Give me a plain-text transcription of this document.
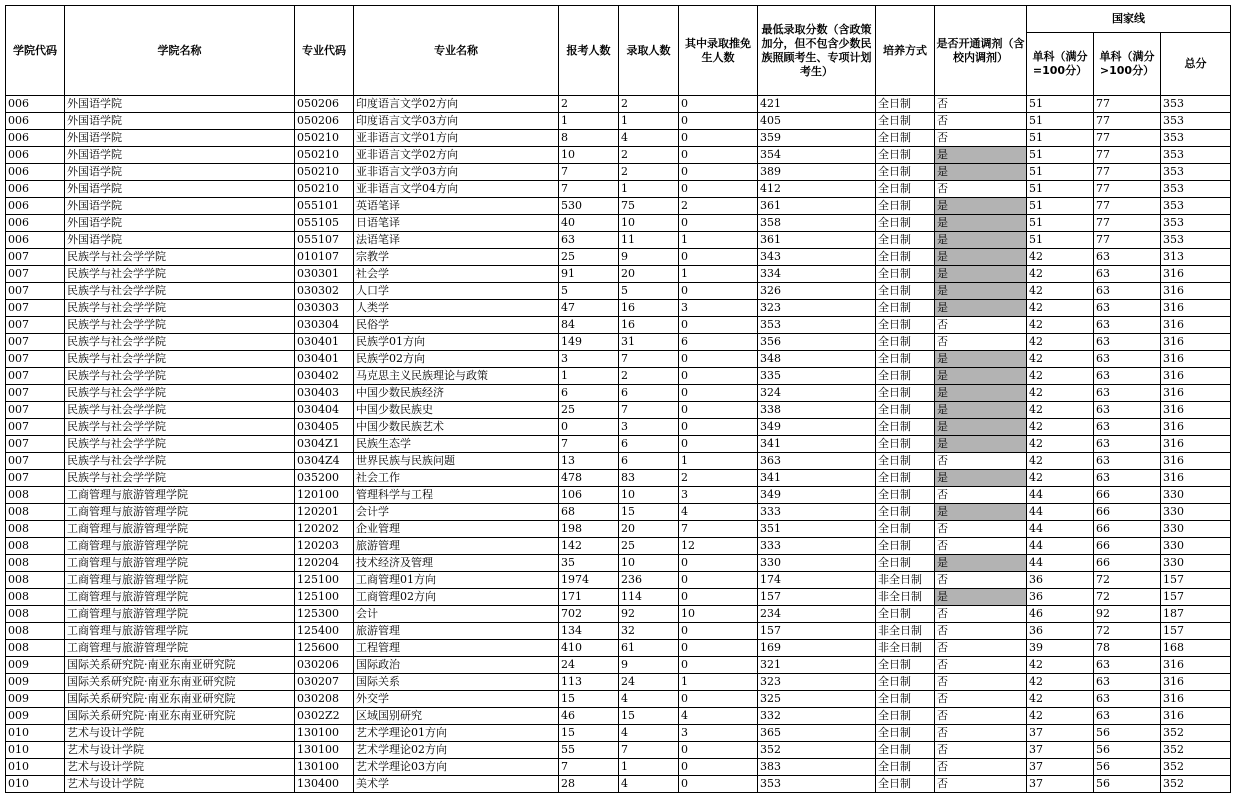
学院代码	学院名称	专业代码	专业名称	报考人数	录取人数	其中录取推免生人数	最低录取分数（含政策加分，但不包含少数民族照顾考生、专项计划考生）	培养方式	是否开通调剂（含校内调剂）	国家线		
										单科（满分=100分）	单科（满分>100分）	总分
006	外国语学院	050206	印度语言文学02方向	2	2	0	421	全日制	否	51	77	353
006	外国语学院	050206	印度语言文学03方向	1	1	0	405	全日制	否	51	77	353
006	外国语学院	050210	亚非语言文学01方向	8	4	0	359	全日制	否	51	77	353
006	外国语学院	050210	亚非语言文学02方向	10	2	0	354	全日制	是	51	77	353
006	外国语学院	050210	亚非语言文学03方向	7	2	0	389	全日制	是	51	77	353
006	外国语学院	050210	亚非语言文学04方向	7	1	0	412	全日制	否	51	77	353
006	外国语学院	055101	英语笔译	530	75	2	361	全日制	是	51	77	353
006	外国语学院	055105	日语笔译	40	10	0	358	全日制	是	51	77	353
006	外国语学院	055107	法语笔译	63	11	1	361	全日制	是	51	77	353
007	民族学与社会学学院	010107	宗教学	25	9	0	343	全日制	是	42	63	313
007	民族学与社会学学院	030301	社会学	91	20	1	334	全日制	是	42	63	316
007	民族学与社会学学院	030302	人口学	5	5	0	326	全日制	是	42	63	316
007	民族学与社会学学院	030303	人类学	47	16	3	323	全日制	是	42	63	316
007	民族学与社会学学院	030304	民俗学	84	16	0	353	全日制	否	42	63	316
007	民族学与社会学学院	030401	民族学01方向	149	31	6	356	全日制	否	42	63	316
007	民族学与社会学学院	030401	民族学02方向	3	7	0	348	全日制	是	42	63	316
007	民族学与社会学学院	030402	马克思主义民族理论与政策	1	2	0	335	全日制	是	42	63	316
007	民族学与社会学学院	030403	中国少数民族经济	6	6	0	324	全日制	是	42	63	316
007	民族学与社会学学院	030404	中国少数民族史	25	7	0	338	全日制	是	42	63	316
007	民族学与社会学学院	030405	中国少数民族艺术	0	3	0	349	全日制	是	42	63	316
007	民族学与社会学学院	0304Z1	民族生态学	7	6	0	341	全日制	是	42	63	316
007	民族学与社会学学院	0304Z4	世界民族与民族问题	13	6	1	363	全日制	否	42	63	316
007	民族学与社会学学院	035200	社会工作	478	83	2	341	全日制	是	42	63	316
008	工商管理与旅游管理学院	120100	管理科学与工程	106	10	3	349	全日制	否	44	66	330
008	工商管理与旅游管理学院	120201	会计学	68	15	4	333	全日制	是	44	66	330
008	工商管理与旅游管理学院	120202	企业管理	198	20	7	351	全日制	否	44	66	330
008	工商管理与旅游管理学院	120203	旅游管理	142	25	12	333	全日制	否	44	66	330
008	工商管理与旅游管理学院	120204	技术经济及管理	35	10	0	330	全日制	是	44	66	330
008	工商管理与旅游管理学院	125100	工商管理01方向	1974	236	0	174	非全日制	否	36	72	157
008	工商管理与旅游管理学院	125100	工商管理02方向	171	114	0	157	非全日制	是	36	72	157
008	工商管理与旅游管理学院	125300	会计	702	92	10	234	全日制	否	46	92	187
008	工商管理与旅游管理学院	125400	旅游管理	134	32	0	157	非全日制	否	36	72	157
008	工商管理与旅游管理学院	125600	工程管理	410	61	0	169	非全日制	否	39	78	168
009	国际关系研究院·南亚东南亚研究院	030206	国际政治	24	9	0	321	全日制	否	42	63	316
009	国际关系研究院·南亚东南亚研究院	030207	国际关系	113	24	1	323	全日制	否	42	63	316
009	国际关系研究院·南亚东南亚研究院	030208	外交学	15	4	0	325	全日制	否	42	63	316
009	国际关系研究院·南亚东南亚研究院	0302Z2	区域国别研究	46	15	4	332	全日制	否	42	63	316
010	艺术与设计学院	130100	艺术学理论01方向	15	4	3	365	全日制	否	37	56	352
010	艺术与设计学院	130100	艺术学理论02方向	55	7	0	352	全日制	否	37	56	352
010	艺术与设计学院	130100	艺术学理论03方向	7	1	0	383	全日制	否	37	56	352
010	艺术与设计学院	130400	美术学	28	4	0	353	全日制	否	37	56	352
